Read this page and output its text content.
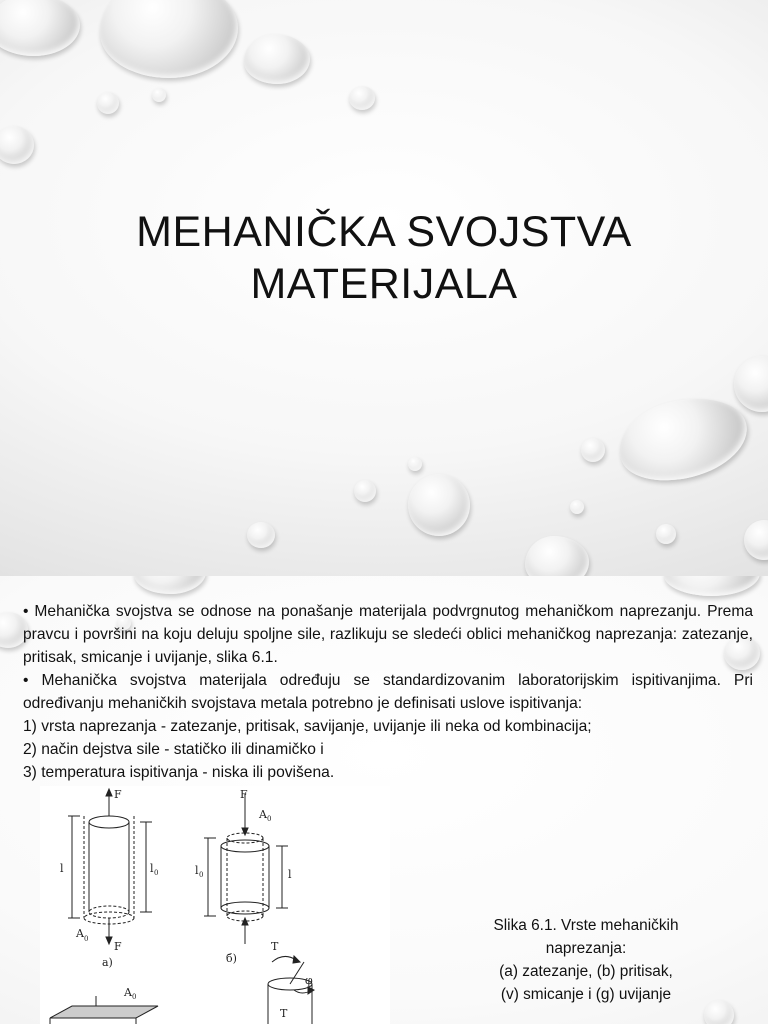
MEHANIČKA SVOJSTVA
MATERIJALA

• Mehanička svojstva se odnose na ponašanje materijala podvrgnutog mehaničkom naprezanju. Prema pravcu i površini na koju deluju spoljne sile, razlikuju se sledeći oblici mehaničkog naprezanja: zatezanje, pritisak, smicanje i uvijanje, slika 6.1.

• Mehanička svojstva materijala određuju se standardizovanim laboratorijskim ispitivanjima. Pri određivanju mehaničkih svojstava metala potrebno je definisati uslove ispitivanja:

1) vrsta naprezanja - zatezanje, pritisak, savijanje, uvijanje ili neka od kombinacija;

2) način dejstva sile - statičko ili dinamičko i

3) temperatura ispitivanja - niska ili povišena.

F
F
A 0
l	l 0
a)
F
A 0
l 0	l
б)
T
φ
T
A 0
Slika 6.1. Vrste mehaničkih
naprezanja:
(a) zatezanje, (b) pritisak,
(v) smicanje i (g) uvijanje
